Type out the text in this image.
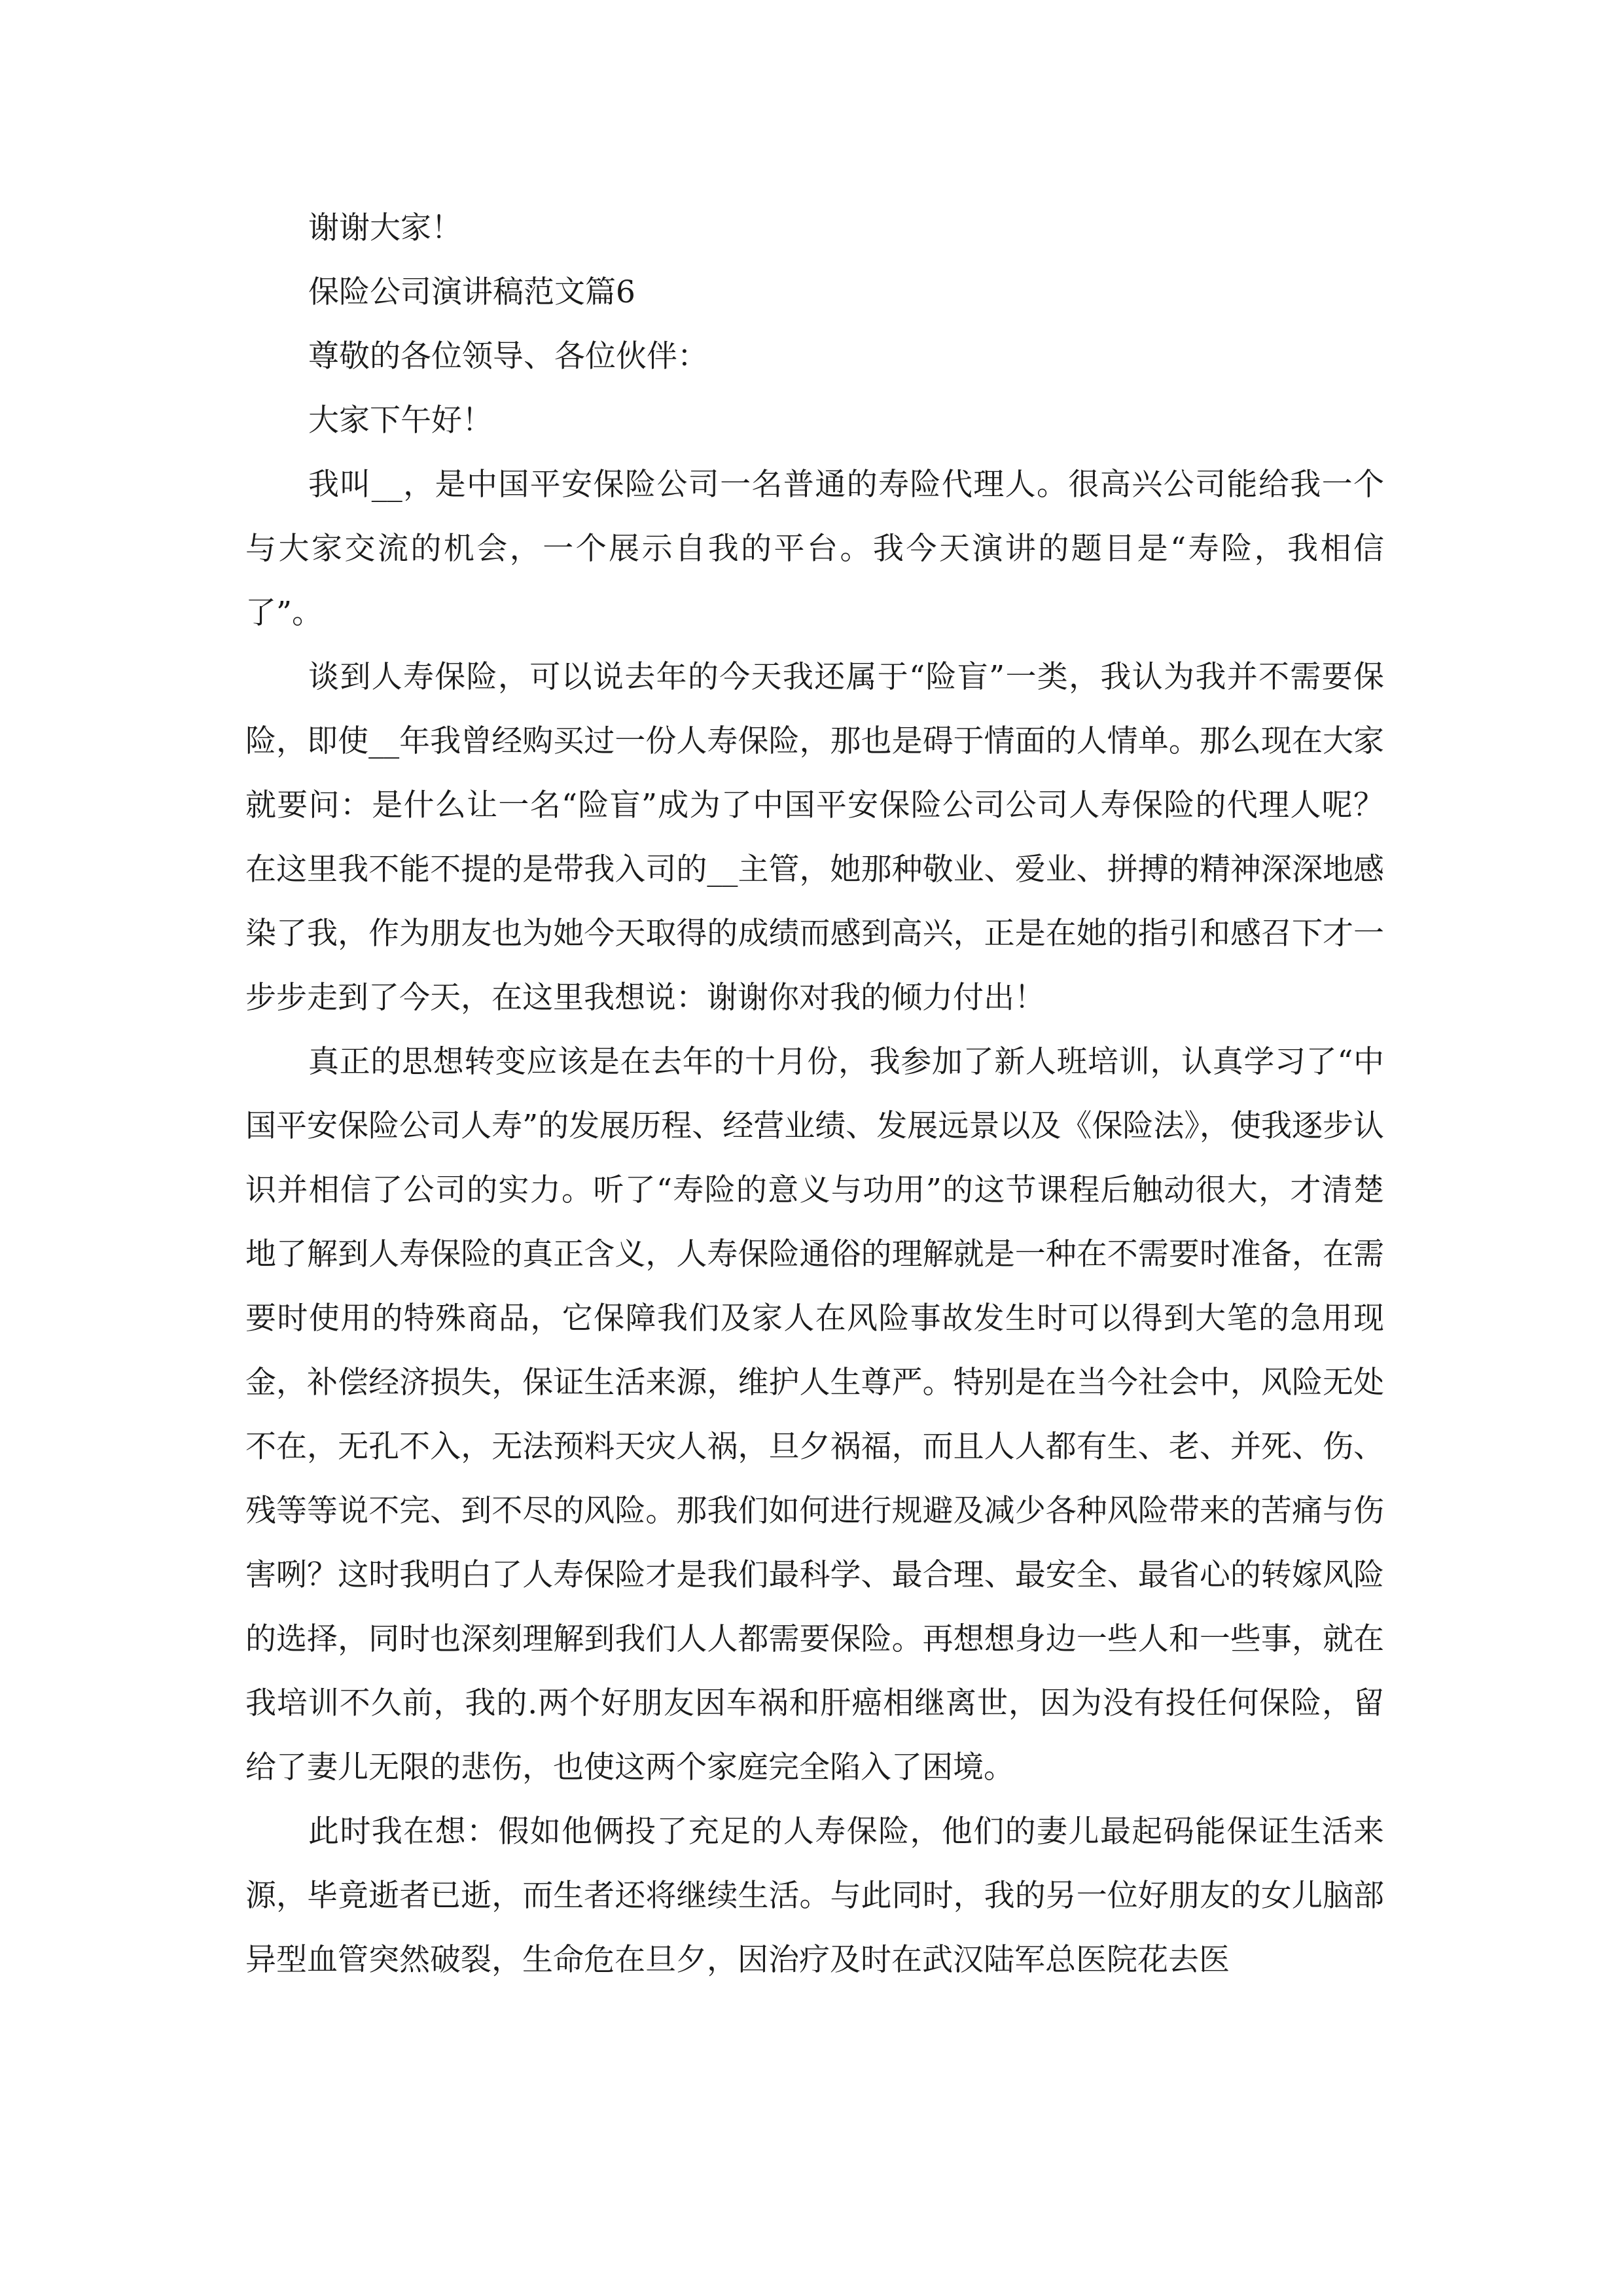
谢谢大家！

保险公司演讲稿范文篇6

尊敬的各位领导、各位伙伴：

大家下午好！

我叫__，是中国平安保险公司一名普通的寿险代理人。很高兴公司能给我一个与大家交流的机会，一个展示自我的平台。我今天演讲的题目是“寿险，我相信了”。

谈到人寿保险，可以说去年的今天我还属于“险盲”一类，我认为我并不需要保险，即使__年我曾经购买过一份人寿保险，那也是碍于情面的人情单。那么现在大家就要问：是什么让一名“险盲”成为了中国平安保险公司公司人寿保险的代理人呢？在这里我不能不提的是带我入司的__主管，她那种敬业、爱业、拼搏的精神深深地感染了我，作为朋友也为她今天取得的成绩而感到高兴，正是在她的指引和感召下才一步步走到了今天，在这里我想说：谢谢你对我的倾力付出！

真正的思想转变应该是在去年的十月份，我参加了新人班培训，认真学习了“中国平安保险公司人寿”的发展历程、经营业绩、发展远景以及《保险法》，使我逐步认识并相信了公司的实力。听了“寿险的意义与功用”的这节课程后触动很大，才清楚地了解到人寿保险的真正含义，人寿保险通俗的理解就是一种在不需要时准备，在需要时使用的特殊商品，它保障我们及家人在风险事故发生时可以得到大笔的急用现金，补偿经济损失，保证生活来源，维护人生尊严。特别是在当今社会中，风险无处不在，无孔不入，无法预料天灾人祸，旦夕祸福，而且人人都有生、老、并死、伤、残等等说不完、到不尽的风险。那我们如何进行规避及减少各种风险带来的苦痛与伤害咧？这时我明白了人寿保险才是我们最科学、最合理、最安全、最省心的转嫁风险的选择，同时也深刻理解到我们人人都需要保险。再想想身边一些人和一些事，就在我培训不久前，我的.两个好朋友因车祸和肝癌相继离世，因为没有投任何保险，留给了妻儿无限的悲伤，也使这两个家庭完全陷入了困境。

此时我在想：假如他俩投了充足的人寿保险，他们的妻儿最起码能保证生活来源，毕竟逝者已逝，而生者还将继续生活。与此同时，我的另一位好朋友的女儿脑部异型血管突然破裂，生命危在旦夕，因治疗及时在武汉陆军总医院花去医
